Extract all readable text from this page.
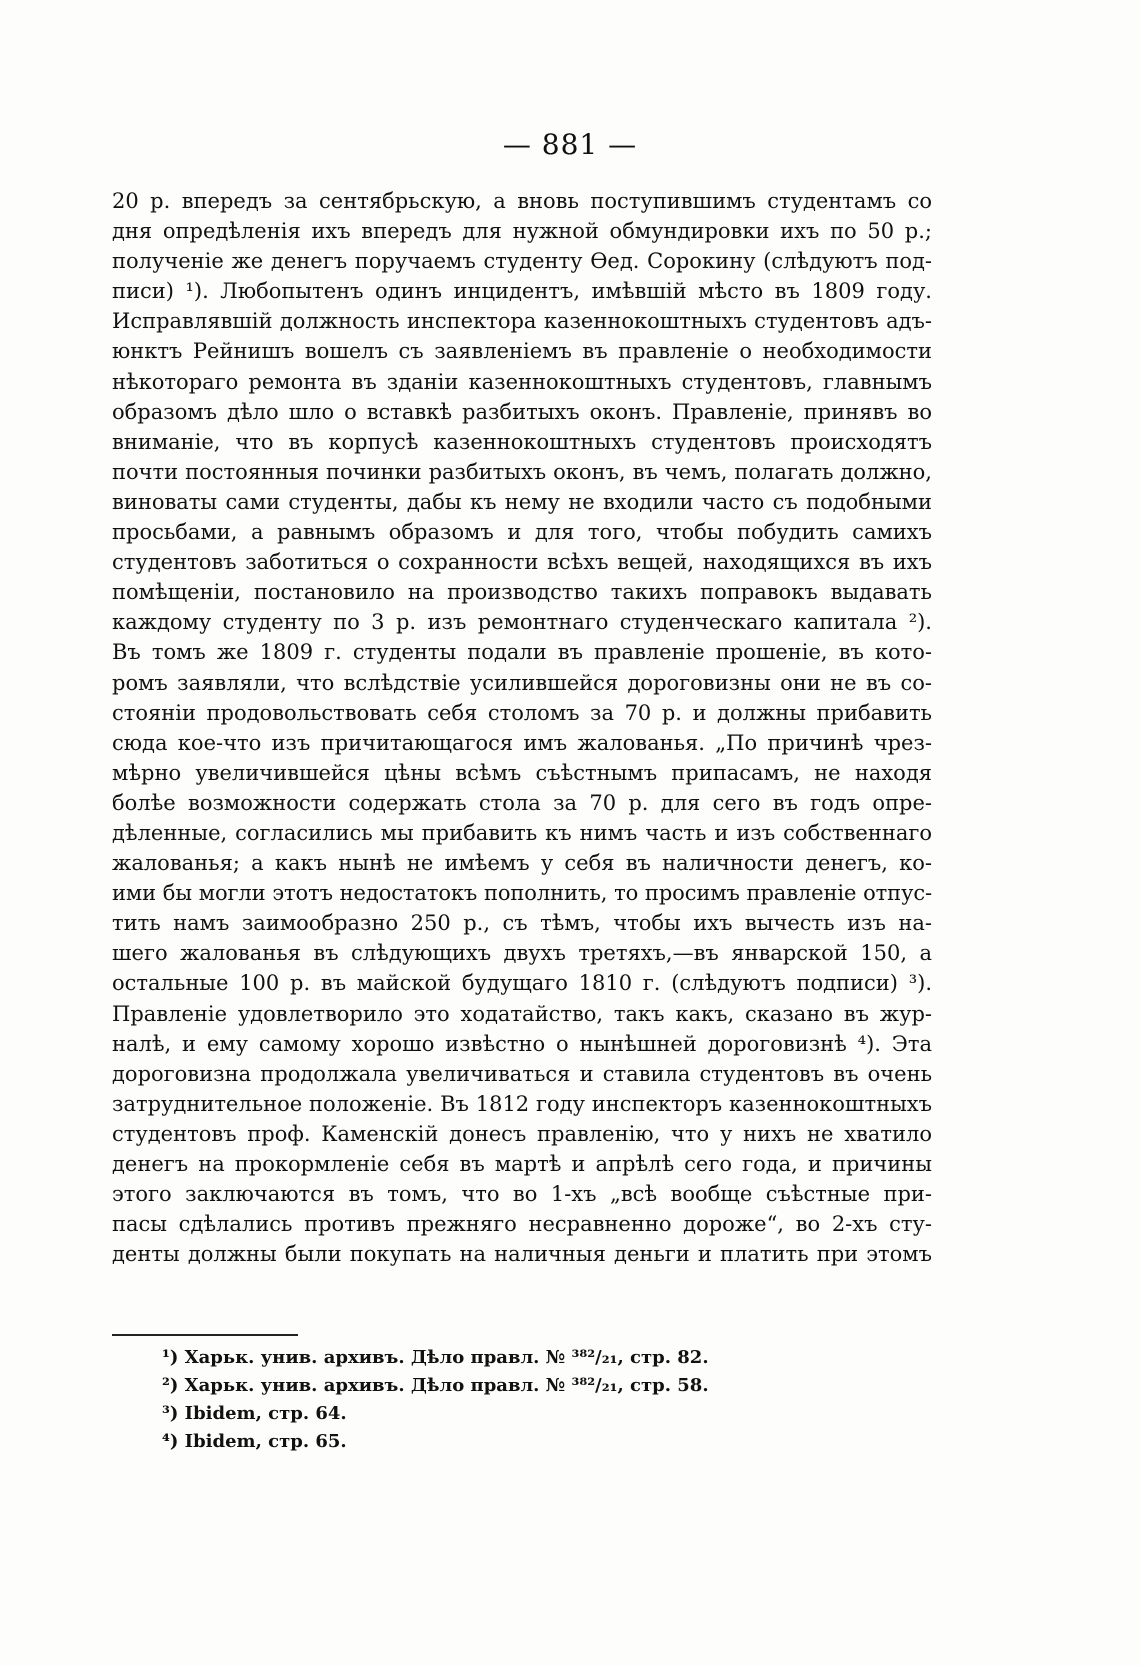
— 881 —
20 р. впередъ за сентябрьскую, а вновь поступившимъ студентамъ со
дня опредѣленія ихъ впередъ для нужной обмундировки ихъ по 50 р.;
полученіе же денегъ поручаемъ студенту Ѳед. Сорокину (слѣдуютъ под-
писи) ¹). Любопытенъ одинъ инцидентъ, имѣвшій мѣсто въ 1809 году.
Исправлявшій должность инспектора казеннокоштныхъ студентовъ адъ-
юнктъ Рейнишъ вошелъ съ заявленіемъ въ правленіе о необходимости
нѣкотораго ремонта въ зданіи казеннокоштныхъ студентовъ, главнымъ
образомъ дѣло шло о вставкѣ разбитыхъ оконъ. Правленіе, принявъ во
вниманіе, что въ корпусѣ казеннокоштныхъ студентовъ происходятъ
почти постоянныя починки разбитыхъ оконъ, въ чемъ, полагать должно,
виноваты сами студенты, дабы къ нему не входили часто съ подобными
просьбами, а равнымъ образомъ и для того, чтобы побудить самихъ
студентовъ заботиться о сохранности всѣхъ вещей, находящихся въ ихъ
помѣщеніи, постановило на производство такихъ поправокъ выдавать
каждому студенту по 3 р. изъ ремонтнаго студенческаго капитала ²).
Въ томъ же 1809 г. студенты подали въ правленіе прошеніе, въ кото-
ромъ заявляли, что вслѣдствіе усилившейся дороговизны они не въ со-
стояніи продовольствовать себя столомъ за 70 р. и должны прибавить
сюда кое-что изъ причитающагося имъ жалованья. „По причинѣ чрез-
мѣрно увеличившейся цѣны всѣмъ съѣстнымъ припасамъ, не находя
болѣе возможности содержать стола за 70 р. для сего въ годъ опре-
дѣленные, согласились мы прибавить къ нимъ часть и изъ собственнаго
жалованья; а какъ нынѣ не имѣемъ у себя въ наличности денегъ, ко-
ими бы могли этотъ недостатокъ пополнить, то просимъ правленіе отпус-
тить намъ заимообразно 250 р., съ тѣмъ, чтобы ихъ вычесть изъ на-
шего жалованья въ слѣдующихъ двухъ третяхъ,—въ январской 150, а
остальные 100 р. въ майской будущаго 1810 г. (слѣдуютъ подписи) ³).
Правленіе удовлетворило это ходатайство, такъ какъ, сказано въ жур-
налѣ, и ему самому хорошо извѣстно о нынѣшней дороговизнѣ ⁴). Эта
дороговизна продолжала увеличиваться и ставила студентовъ въ очень
затруднительное положеніе. Въ 1812 году инспекторъ казеннокоштныхъ
студентовъ проф. Каменскій донесъ правленію, что у нихъ не хватило
денегъ на прокормленіе себя въ мартѣ и апрѣлѣ сего года, и причины
этого заключаются въ томъ, что во 1-хъ „всѣ вообще съѣстные при-
пасы сдѣлались противъ прежняго несравненно дороже“, во 2-хъ сту-
денты должны были покупать на наличныя деньги и платить при этомъ
¹) Харьк. унив. архивъ. Дѣло правл. № ³⁸²/₂₁, стр. 82.
²) Харьк. унив. архивъ. Дѣло правл. № ³⁸²/₂₁, стр. 58.
³) Ibidem, стр. 64.
⁴) Ibidem, стр. 65.
